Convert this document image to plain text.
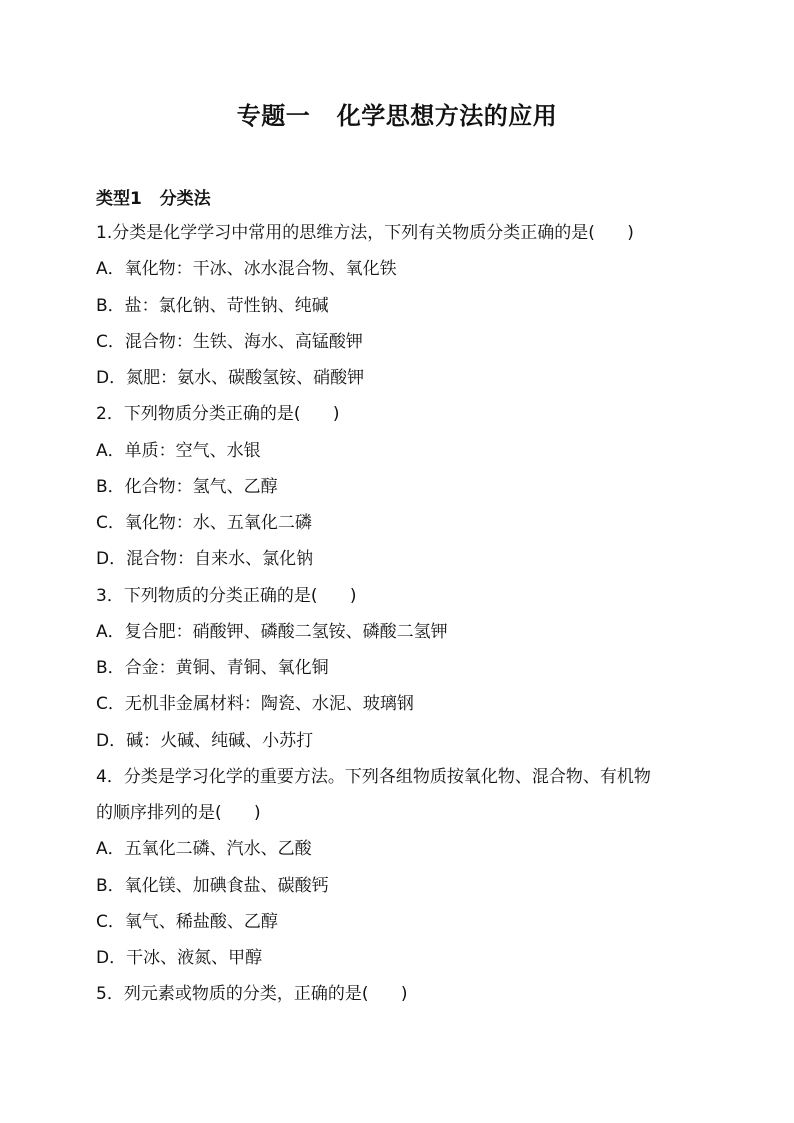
专题一   化学思想方法的应用
类型1   分类法
1.分类是化学学习中常用的思维方法，下列有关物质分类正确的是(      )
A．氧化物：干冰、冰水混合物、氧化铁
B．盐：氯化钠、苛性钠、纯碱
C．混合物：生铁、海水、高锰酸钾
D．氮肥：氨水、碳酸氢铵、硝酸钾
2．下列物质分类正确的是(      )
A．单质：空气、水银
B．化合物：氢气、乙醇
C．氧化物：水、五氧化二磷
D．混合物：自来水、氯化钠
3．下列物质的分类正确的是(      )
A．复合肥：硝酸钾、磷酸二氢铵、磷酸二氢钾
B．合金：黄铜、青铜、氧化铜
C．无机非金属材料：陶瓷、水泥、玻璃钢
D．碱：火碱、纯碱、小苏打
4．分类是学习化学的重要方法。下列各组物质按氧化物、混合物、有机物
的顺序排列的是(      )
A．五氧化二磷、汽水、乙酸
B．氧化镁、加碘食盐、碳酸钙
C．氧气、稀盐酸、乙醇
D．干冰、液氮、甲醇
5．列元素或物质的分类，正确的是(      )
